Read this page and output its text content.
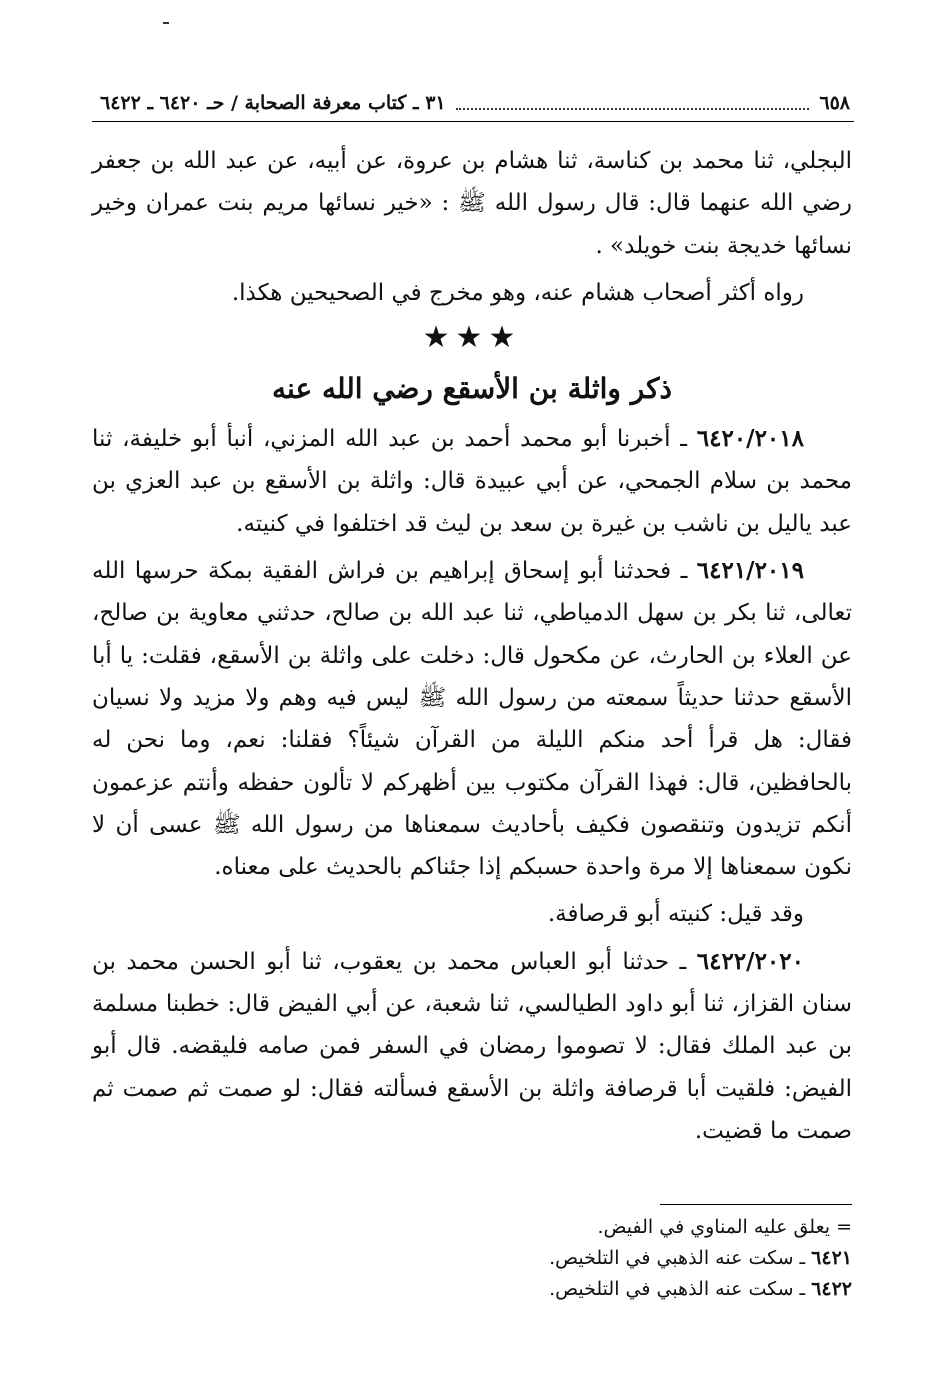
٦٥٨
٣١ ـ كتاب معرفة الصحابة / حـ ٦٤٢٠ ـ ٦٤٢٢

البجلي، ثنا محمد بن كناسة، ثنا هشام بن عروة، عن أبيه، عن عبد الله بن جعفر رضي الله عنهما قال: قال رسول الله ﷺ : «خير نسائها مريم بنت عمران وخير نسائها خديجة بنت خويلد» .

رواه أكثر أصحاب هشام عنه، وهو مخرج في الصحيحين هكذا.

★★★

ذكر واثلة بن الأسقع رضي الله عنه

٦٤٢٠/٢٠١٨ ـ أخبرنا أبو محمد أحمد بن عبد الله المزني، أنبأ أبو خليفة، ثنا محمد بن سلام الجمحي، عن أبي عبيدة قال: واثلة بن الأسقع بن عبد العزي بن عبد ياليل بن ناشب بن غيرة بن سعد بن ليث قد اختلفوا في كنيته.

٦٤٢١/٢٠١٩ ـ فحدثنا أبو إسحاق إبراهيم بن فراش الفقية بمكة حرسها الله تعالى، ثنا بكر بن سهل الدمياطي، ثنا عبد الله بن صالح، حدثني معاوية بن صالح، عن العلاء بن الحارث، عن مكحول قال: دخلت على واثلة بن الأسقع، فقلت: يا أبا الأسقع حدثنا حديثاً سمعته من رسول الله ﷺ ليس فيه وهم ولا مزيد ولا نسيان فقال: هل قرأ أحد منكم الليلة من القرآن شيئاً؟ فقلنا: نعم، وما نحن له بالحافظين، قال: فهذا القرآن مكتوب بين أظهركم لا تألون حفظه وأنتم عزعمون أنكم تزيدون وتنقصون فكيف بأحاديث سمعناها من رسول الله ﷺ عسى أن لا نكون سمعناها إلا مرة واحدة حسبكم إذا جئناكم بالحديث على معناه.

وقد قيل: كنيته أبو قرصافة.

٦٤٢٢/٢٠٢٠ ـ حدثنا أبو العباس محمد بن يعقوب، ثنا أبو الحسن محمد بن سنان القزاز، ثنا أبو داود الطيالسي، ثنا شعبة، عن أبي الفيض قال: خطبنا مسلمة بن عبد الملك فقال: لا تصوموا رمضان في السفر فمن صامه فليقضه. قال أبو الفيض: فلقيت أبا قرصافة واثلة بن الأسقع فسألته فقال: لو صمت ثم صمت ثم صمت ما قضيت.

= يعلق عليه المناوي في الفيض.

٦٤٢١ ـ سكت عنه الذهبي في التلخيص.

٦٤٢٢ ـ سكت عنه الذهبي في التلخيص.
